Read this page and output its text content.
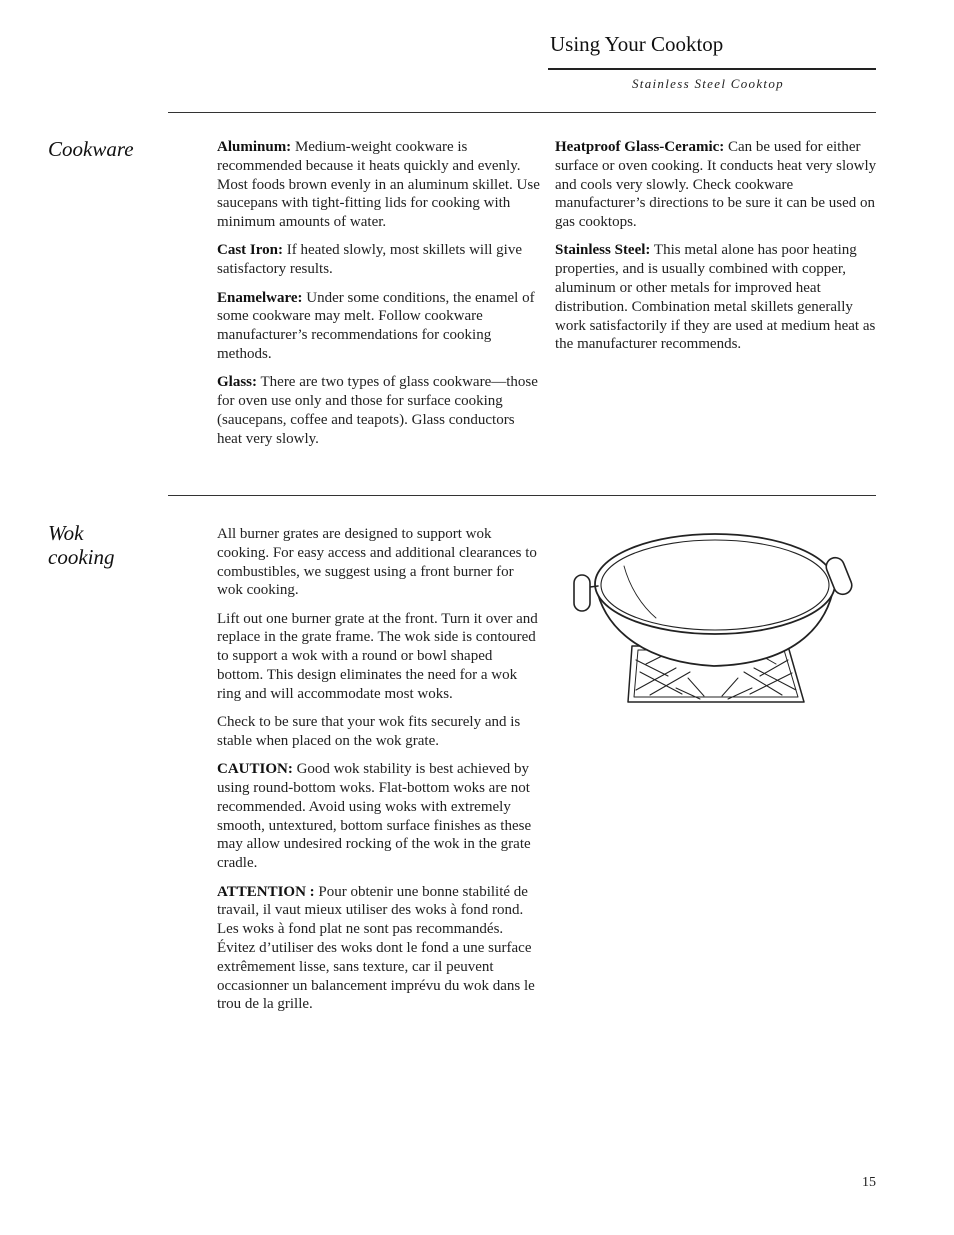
Using Your Cooktop
Stainless Steel Cooktop
Cookware	Aluminum: Medium-weight cookware is recommended because it heats quickly and evenly. Most foods brown evenly in an aluminum skillet. Use saucepans with tight-fitting lids for cooking with minimum amounts of water.

Cast Iron: If heated slowly, most skillets will give satisfactory results.

Enamelware: Under some conditions, the enamel of some cookware may melt. Follow cookware manufacturer’s recommendations for cooking methods.

Glass: There are two types of glass cookware—those for oven use only and those for surface cooking (saucepans, coffee and teapots). Glass conductors heat very slowly.

Heatproof Glass-Ceramic: Can be used for either surface or oven cooking. It conducts heat very slowly and cools very slowly. Check cookware manufacturer’s directions to be sure it can be used on gas cooktops.

Stainless Steel: This metal alone has poor heating properties, and is usually combined with copper, aluminum or other metals for improved heat distribution. Combination metal skillets generally work satisfactorily if they are used at medium heat as the manufacturer recommends.

Wok
cooking

All burner grates are designed to support wok cooking. For easy access and additional clearances to combustibles, we suggest using a front burner for wok cooking.

Lift out one burner grate at the front. Turn it over and replace in the grate frame. The wok side is contoured to support a wok with a round or bowl shaped bottom. This design eliminates the need for a wok ring and will accommodate most woks.

Check to be sure that your wok fits securely and is stable when placed on the wok grate.

CAUTION: Good wok stability is best achieved by using round-bottom woks. Flat-bottom woks are not recommended. Avoid using woks with extremely smooth, untextured, bottom surface finishes as these may allow undesired rocking of the wok in the grate cradle.

ATTENTION : Pour obtenir une bonne stabilité de travail, il vaut mieux utiliser des woks à fond rond. Les woks à fond plat ne sont pas recommandés. Évitez d’utiliser des woks dont le fond a une surface extrêmement lisse, sans texture, car il peuvent occasionner un balancement imprévu du wok dans le trou de la grille.

15
